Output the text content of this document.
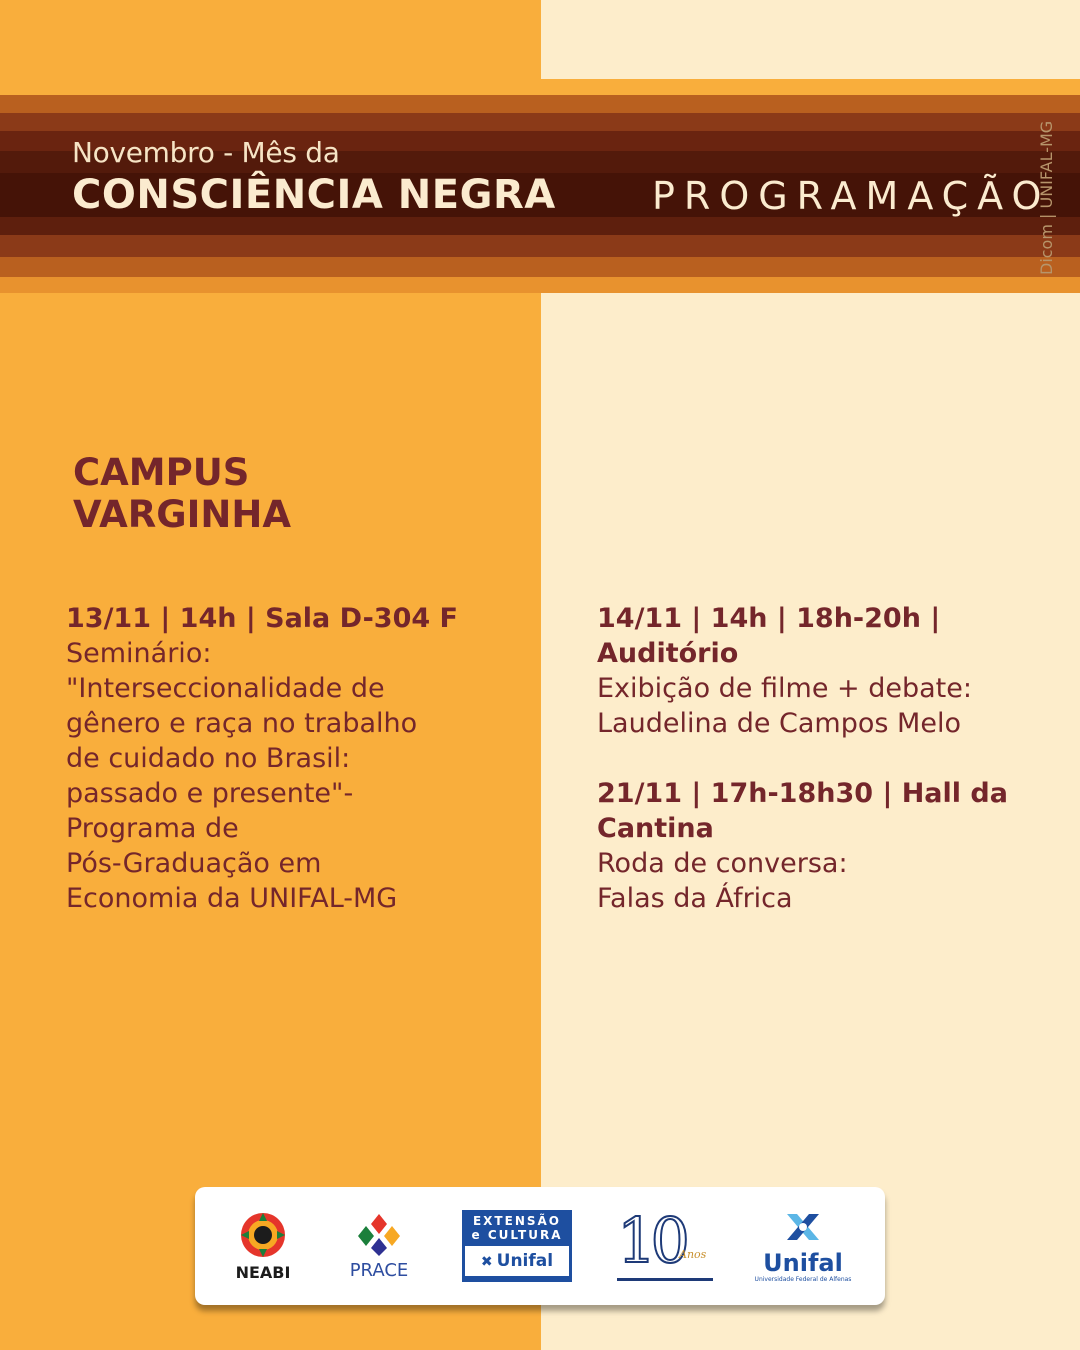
Novembro - Mês da
CONSCIÊNCIA NEGRA	PROGRAMAÇÃO
Dicom | UNIFAL-MG
CAMPUS
VARGINHA
13/11 | 14h | Sala D-304 F
Seminário:
"Interseccionalidade de
gênero e raça no trabalho
de cuidado no Brasil:
passado e presente"-
Programa de
Pós-Graduação em
Economia da UNIFAL-MG
14/11 | 14h | 18h-20h |
Auditório
Exibição de filme + debate:
Laudelina de Campos Melo
21/11 | 17h-18h30 | Hall da
Cantina
Roda de conversa:
Falas da África
NEABI	PRACE
EXTENSÃO
e CULTURA
✖ Unifal 10
Anos Unifal
Universidade Federal de Alfenas
